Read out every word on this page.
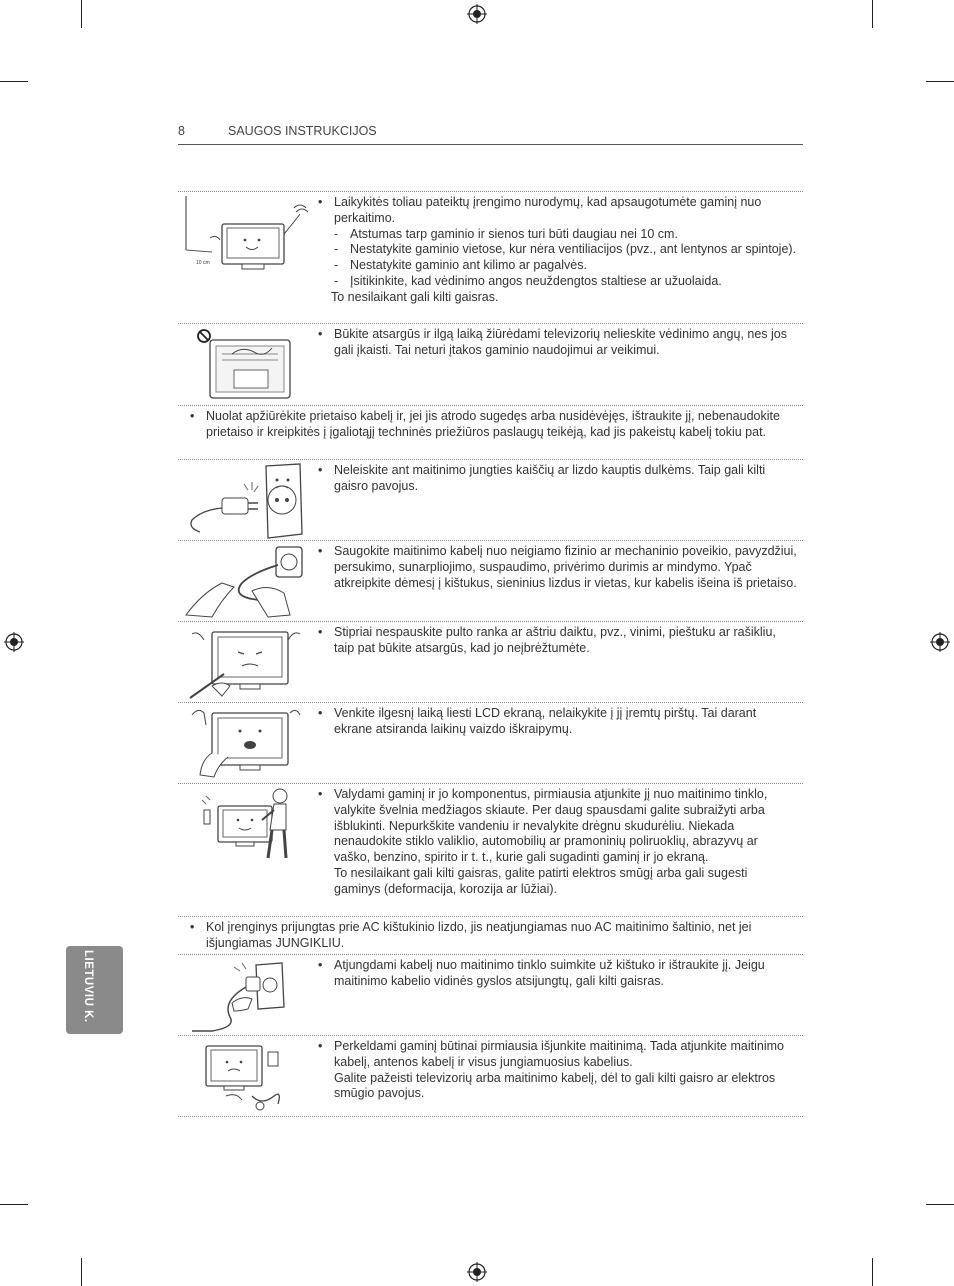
8	SAUGOS INSTRUKCIJOS
LIETUVIU K.
10 cm
• Laikykitės toliau pateiktų įrengimo nurodymų, kad apsaugotumėte gaminį nuo perkaitimo.
- Atstumas tarp gaminio ir sienos turi būti daugiau nei 10 cm.
- Nestatykite gaminio vietose, kur nėra ventiliacijos (pvz., ant lentynos ar spintoje).
- Nestatykite gaminio ant kilimo ar pagalvės.
- Įsitikinkite, kad vėdinimo angos neuždengtos staltiese ar užuolaida.
To nesilaikant gali kilti gaisras.
• Būkite atsargūs ir ilgą laiką žiūrėdami televizorių nelieskite vėdinimo angų, nes jos gali įkaisti. Tai neturi įtakos gaminio naudojimui ar veikimui.
• Nuolat apžiūrėkite prietaiso kabelį ir, jei jis atrodo sugedęs arba nusidėvėjęs, ištraukite jį, nebenaudokite prietaiso ir kreipkitės į įgaliotąjį techninės priežiūros paslaugų teikėją, kad jis pakeistų kabelį tokiu pat.
• Neleiskite ant maitinimo jungties kaiščių ar lizdo kauptis dulkėms. Taip gali kilti gaisro pavojus.
• Saugokite maitinimo kabelį nuo neigiamo fizinio ar mechaninio poveikio, pavyzdžiui, persukimo, sunarpliojimo, suspaudimo, privėrimo durimis ar mindymo. Ypač atkreipkite dėmesį į kištukus, sieninius lizdus ir vietas, kur kabelis išeina iš prietaiso.
• Stipriai nespauskite pulto ranka ar aštriu daiktu, pvz., vinimi, pieštuku ar rašikliu, taip pat būkite atsargūs, kad jo neįbrėžtumėte.
• Venkite ilgesnį laiką liesti LCD ekraną, nelaikykite į jį įremtų pirštų. Tai darant ekrane atsiranda laikinų vaizdo iškraipymų.
• Valydami gaminį ir jo komponentus, pirmiausia atjunkite jį nuo maitinimo tinklo, valykite švelnia medžiagos skiaute. Per daug spausdami galite subraižyti arba išblukinti. Nepurkškite vandeniu ir nevalykite drėgnu skudurėliu. Niekada nenaudokite stiklo valiklio, automobilių ar pramoninių poliruoklių, abrazyvų ar vaško, benzino, spirito ir t. t., kurie gali sugadinti gaminį ir jo ekraną.
To nesilaikant gali kilti gaisras, galite patirti elektros smūgį arba gali sugesti gaminys (deformacija, korozija ar lūžiai).
• Kol įrenginys prijungtas prie AC kištukinio lizdo, jis neatjungiamas nuo AC maitinimo šaltinio, net jei išjungiamas JUNGIKLIU.
• Atjungdami kabelį nuo maitinimo tinklo suimkite už kištuko ir ištraukite jį. Jeigu maitinimo kabelio vidinės gyslos atsijungtų, gali kilti gaisras.
• Perkeldami gaminį būtinai pirmiausia išjunkite maitinimą. Tada atjunkite maitinimo kabelį, antenos kabelį ir visus jungiamuosius kabelius.
Galite pažeisti televizorių arba maitinimo kabelį, dėl to gali kilti gaisro ar elektros smūgio pavojus.
